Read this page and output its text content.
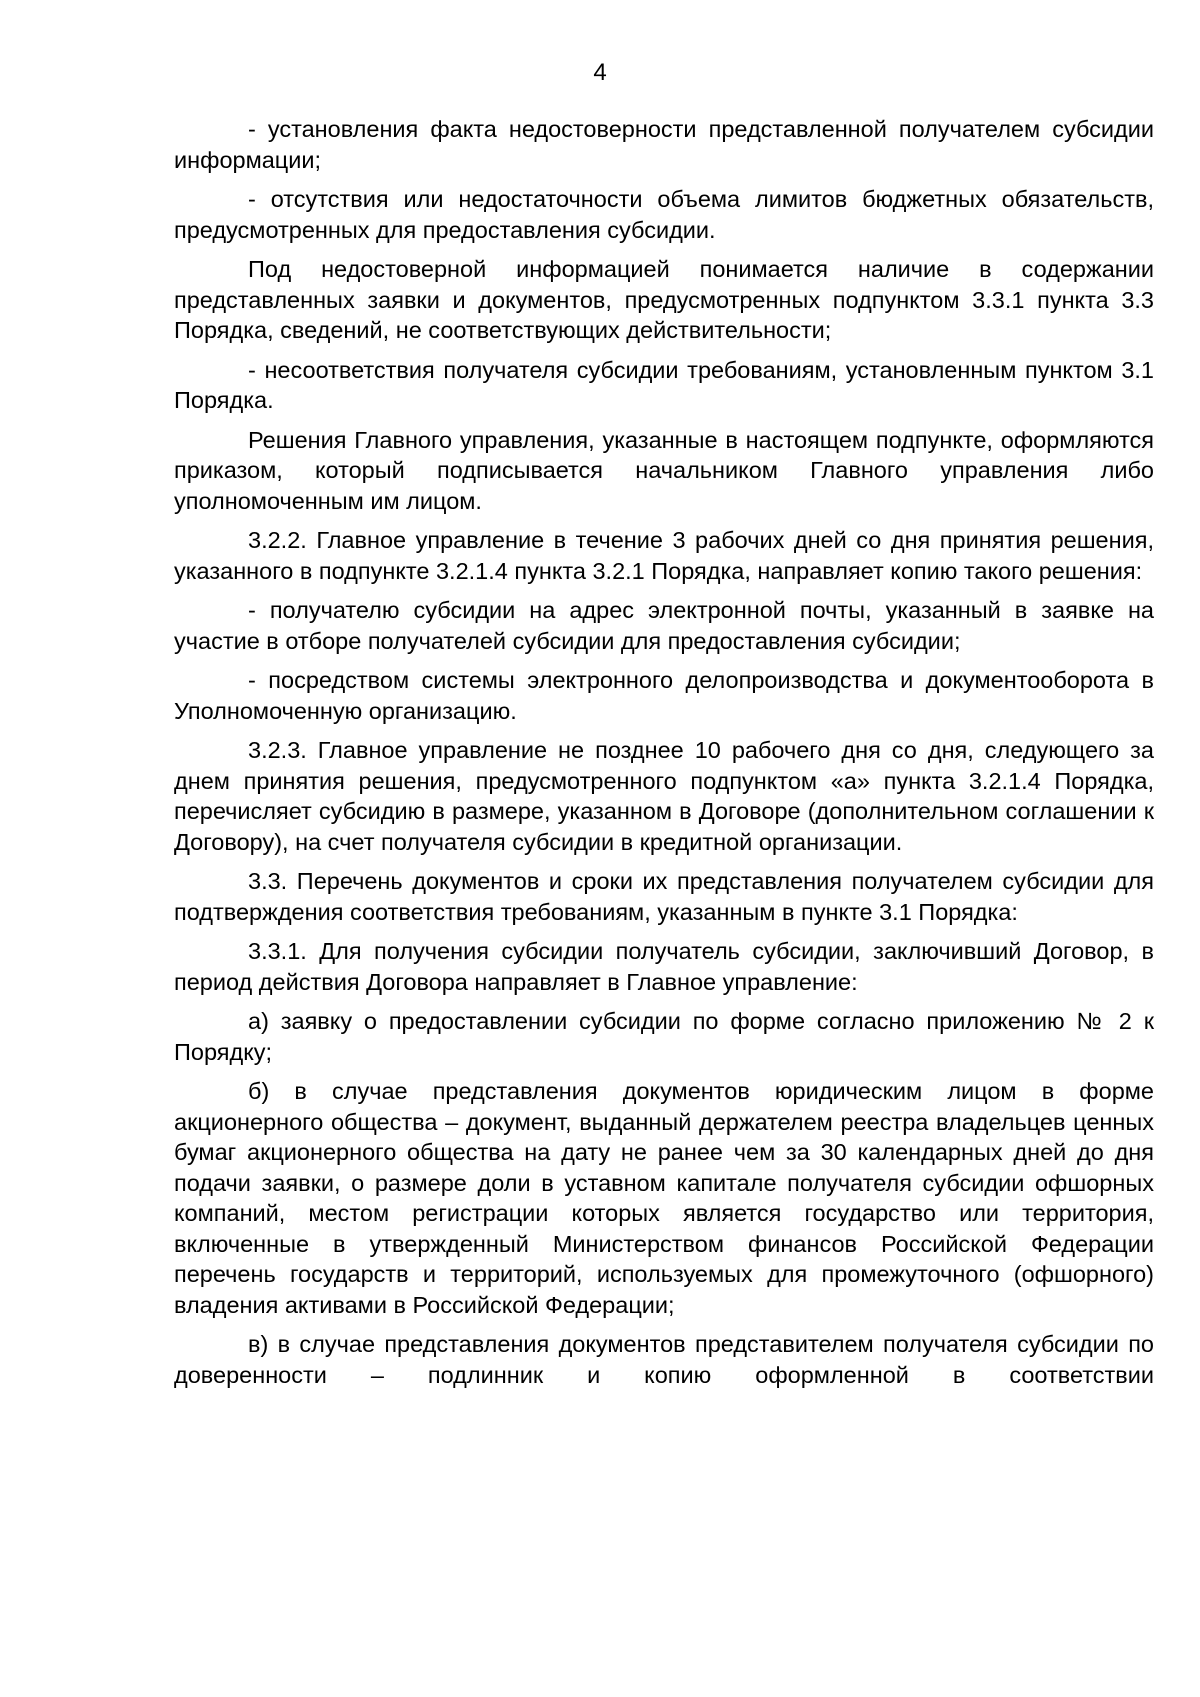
4

- установления факта недостоверности представленной получателем субсидии информации;

- отсутствия или недостаточности объема лимитов бюджетных обязательств, предусмотренных для предоставления субсидии.

Под недостоверной информацией понимается наличие в содержании представленных заявки и документов, предусмотренных подпунктом 3.3.1 пункта 3.3 Порядка, сведений, не соответствующих действительности;

- несоответствия получателя субсидии требованиям, установленным пунктом 3.1 Порядка.

Решения Главного управления, указанные в настоящем подпункте, оформляются приказом, который подписывается начальником Главного управления либо уполномоченным им лицом.

3.2.2. Главное управление в течение 3 рабочих дней со дня принятия решения, указанного в подпункте 3.2.1.4 пункта 3.2.1 Порядка, направляет копию такого решения:

- получателю субсидии на адрес электронной почты, указанный в заявке на участие в отборе получателей субсидии для предоставления субсидии;

- посредством системы электронного делопроизводства и документооборота в Уполномоченную организацию.

3.2.3. Главное управление не позднее 10 рабочего дня со дня, следующего за днем принятия решения, предусмотренного подпунктом «а» пункта 3.2.1.4 Порядка, перечисляет субсидию в размере, указанном в Договоре (дополнительном соглашении к Договору), на счет получателя субсидии в кредитной организации.

3.3. Перечень документов и сроки их представления получателем субсидии для подтверждения соответствия требованиям, указанным в пункте 3.1 Порядка:

3.3.1. Для получения субсидии получатель субсидии, заключивший Договор, в период действия Договора направляет в Главное управление:

а) заявку о предоставлении субсидии по форме согласно приложению № 2 к Порядку;

б) в случае представления документов юридическим лицом в форме акционерного общества – документ, выданный держателем реестра владельцев ценных бумаг акционерного общества на дату не ранее чем за 30 календарных дней до дня подачи заявки, о размере доли в уставном капитале получателя субсидии офшорных компаний, местом регистрации которых является государство или территория, включенные в утвержденный Министерством финансов Российской Федерации перечень государств и территорий, используемых для промежуточного (офшорного) владения активами в Российской Федерации;

в) в случае представления документов представителем получателя субсидии по доверенности – подлинник и копию оформленной в соответствии
